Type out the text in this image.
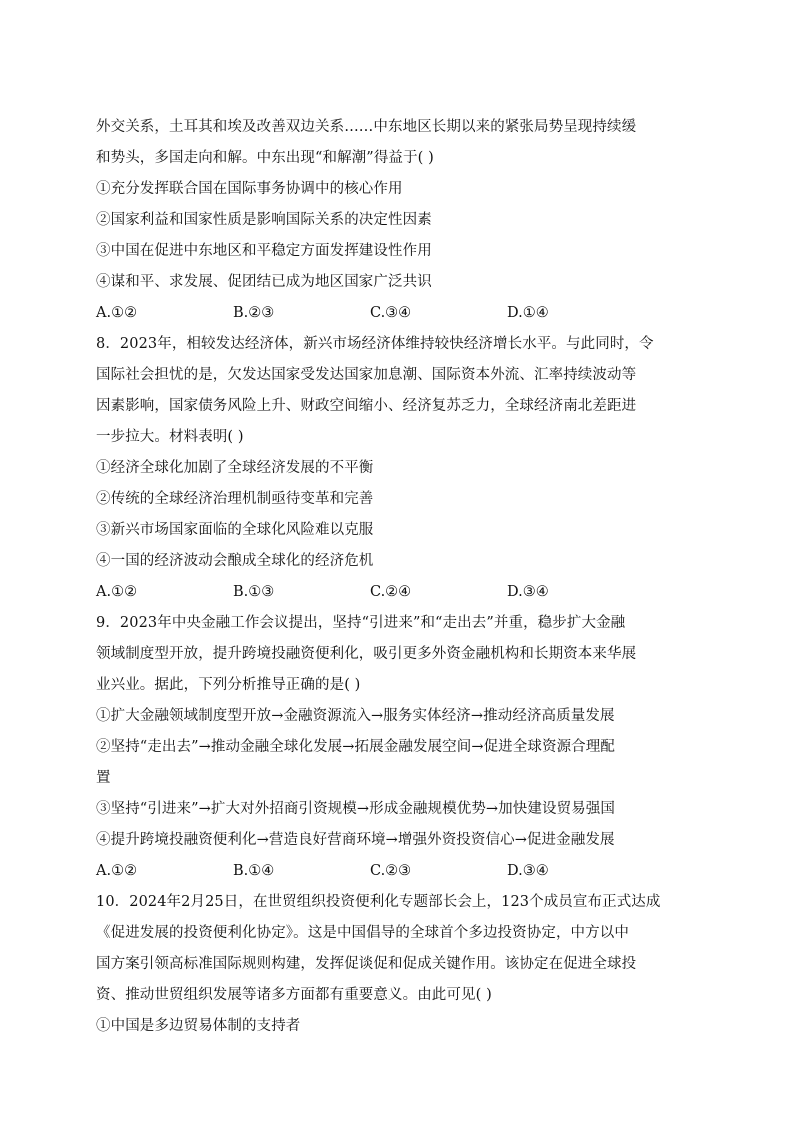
外交关系，土耳其和埃及改善双边关系……中东地区长期以来的紧张局势呈现持续缓
和势头，多国走向和解。中东出现“和解潮”得益于( )
①充分发挥联合国在国际事务协调中的核心作用
②国家利益和国家性质是影响国际关系的决定性因素
③中国在促进中东地区和平稳定方面发挥建设性作用
④谋和平、求发展、促团结已成为地区国家广泛共识
A.①②	B.②③	C.③④	D.①④
8．2023年，相较发达经济体，新兴市场经济体维持较快经济增长水平。与此同时，令
国际社会担忧的是，欠发达国家受发达国家加息潮、国际资本外流、汇率持续波动等
因素影响，国家债务风险上升、财政空间缩小、经济复苏乏力，全球经济南北差距进
一步拉大。材料表明( )
①经济全球化加剧了全球经济发展的不平衡
②传统的全球经济治理机制亟待变革和完善
③新兴市场国家面临的全球化风险难以克服
④一国的经济波动会酿成全球化的经济危机
A.①②	B.①③	C.②④	D.③④
9．2023年中央金融工作会议提出，坚持“引进来”和“走出去”并重，稳步扩大金融
领域制度型开放，提升跨境投融资便利化，吸引更多外资金融机构和长期资本来华展
业兴业。据此，下列分析推导正确的是( )
①扩大金融领域制度型开放→金融资源流入→服务实体经济→推动经济高质量发展
②坚持“走出去”→推动金融全球化发展→拓展金融发展空间→促进全球资源合理配
置
③坚持“引进来”→扩大对外招商引资规模→形成金融规模优势→加快建设贸易强国
④提升跨境投融资便利化→营造良好营商环境→增强外资投资信心→促进金融发展
A.①②	B.①④	C.②③	D.③④
10．2024年2月25日，在世贸组织投资便利化专题部长会上，123个成员宣布正式达成
《促进发展的投资便利化协定》。这是中国倡导的全球首个多边投资协定，中方以中
国方案引领高标准国际规则构建，发挥促谈促和促成关键作用。该协定在促进全球投
资、推动世贸组织发展等诸多方面都有重要意义。由此可见( )
①中国是多边贸易体制的支持者
